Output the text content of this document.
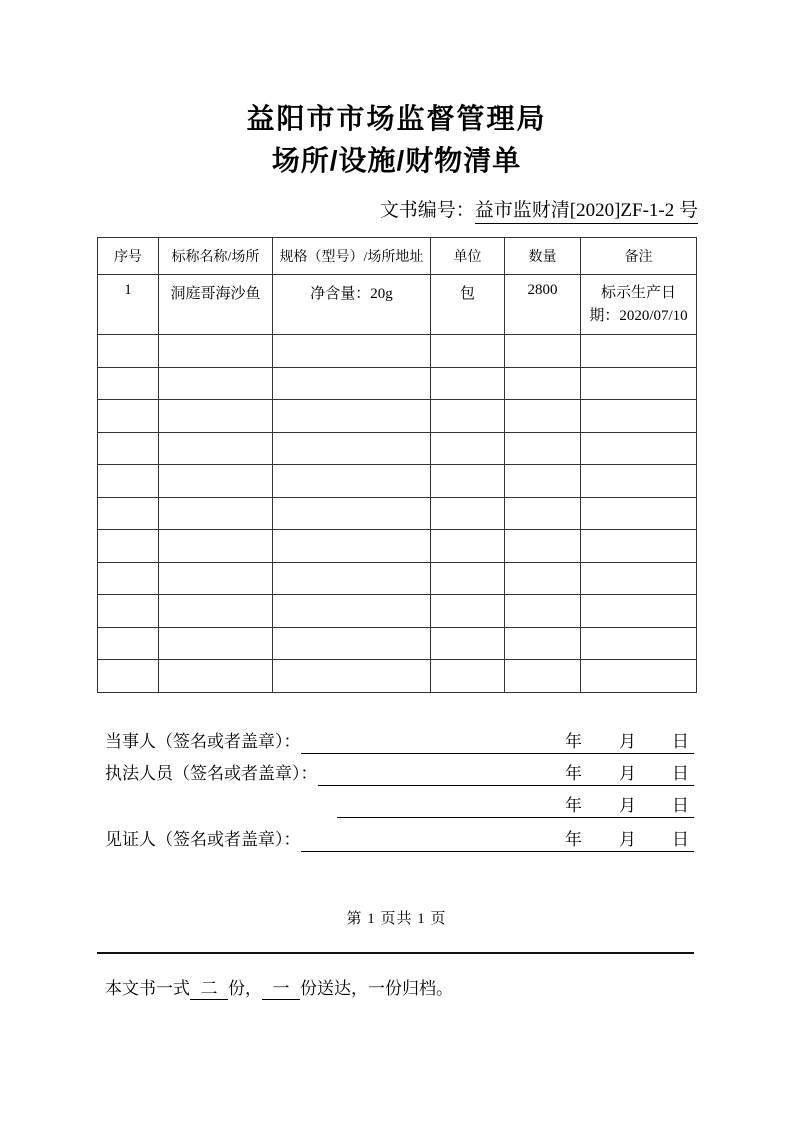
益阳市市场监督管理局
场所/设施/财物清单
文书编号：益市监财清[2020]ZF-1-2 号
序号	标称名称/场所	规格（型号）/场所地址	单位	数量	备注
1	洞庭哥海沙鱼	净含量：20g	包	2800	标示生产日
期：2020/07/10

当事人（签名或者盖章）：	年 月 日
执法人员（签名或者盖章）：	年 月 日
年 月 日
见证人（签名或者盖章）：	年 月 日
第 1 页共 1 页
本文书一式 二 份， 一 份送达，一份归档。
